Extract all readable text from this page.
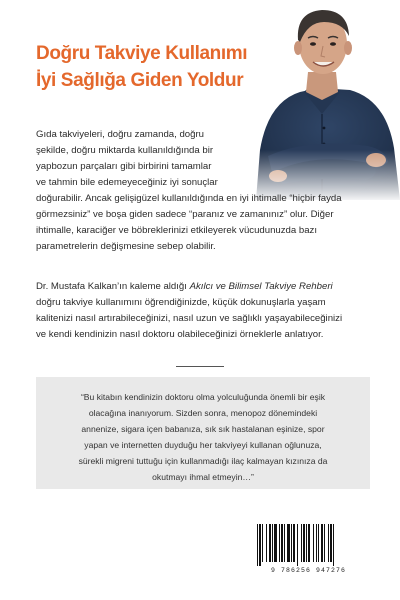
Doğru Takviye Kullanımı
İyi Sağlığa Giden Yoldur
Gıda takviyeleri, doğru zamanda, doğru
şekilde, doğru miktarda kullanıldığında bir
yapbozun parçaları gibi birbirini tamamlar
ve tahmin bile edemeyeceğiniz iyi sonuçlar
doğurabilir. Ancak gelişigüzel kullanıldığında en iyi ihtimalle “hiçbir fayda
görmezsiniz” ve boşa giden sadece “paranız ve zamanınız” olur. Diğer
ihtimalle, karaciğer ve böbreklerinizi etkileyerek vücudunuzda bazı
parametrelerin değişmesine sebep olabilir.
Dr. Mustafa Kalkan’ın kaleme aldığı Akılcı ve Bilimsel Takviye Rehberi
doğru takviye kullanımını öğrendiğinizde, küçük dokunuşlarla yaşam
kalitenizi nasıl artırabileceğinizi, nasıl uzun ve sağlıklı yaşayabileceğinizi
ve kendi kendinizin nasıl doktoru olabileceğinizi örneklerle anlatıyor.
“Bu kitabın kendinizin doktoru olma yolculuğunda önemli bir eşik
olacağına inanıyorum. Sizden sonra, menopoz dönemindeki
annenize, sigara içen babanıza, sık sık hastalanan eşinize, spor
yapan ve internetten duyduğu her takviyeyi kullanan oğlunuza,
sürekli migreni tuttuğu için kullanmadığı ilaç kalmayan kızınıza da
okutmayı ihmal etmeyin…”
9 786256 947276
